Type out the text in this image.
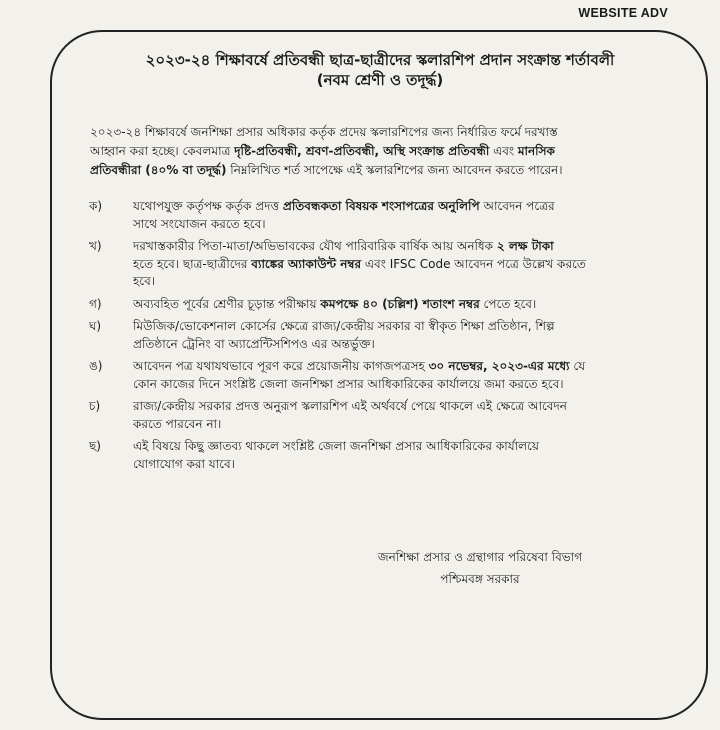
WEBSITE ADV
২০২৩-২৪ শিক্ষাবর্ষে প্রতিবন্ধী ছাত্র-ছাত্রীদের স্কলারশিপ প্রদান সংক্রান্ত শর্তাবলী
(নবম শ্রেণী ও তদূর্দ্ধ)
২০২৩-২৪ শিক্ষাবর্ষে জনশিক্ষা প্রসার অধিকার কর্তৃক প্রদেয় স্কলারশিপের জন্য নির্ধারিত ফর্মে দরখাস্ত
আহ্বান করা হচ্ছে। কেবলমাত্র দৃষ্টি-প্রতিবন্ধী, শ্রবণ-প্রতিবন্ধী, অস্থি সংক্রান্ত প্রতিবন্ধী এবং মানসিক
প্রতিবন্ধীরা (৪০% বা তদূর্দ্ধ) নিম্নলিখিত শর্ত সাপেক্ষে এই স্কলারশিপের জন্য আবেদন করতে পারেন।
ক)	যথোপযুক্ত কর্তৃপক্ষ কর্তৃক প্রদত্ত প্রতিবন্ধকতা বিষয়ক শংসাপত্রের অনুলিপি আবেদন পত্রের
সাথে সংযোজন করতে হবে।
খ)	দরখাস্তকারীর পিতা-মাতা/অভিভাবকের যৌথ পারিবারিক বার্ষিক আয় অনধিক ২ লক্ষ টাকা
হতে হবে। ছাত্র-ছাত্রীদের ব্যাঙ্কের অ্যাকাউন্ট নম্বর এবং IFSC Code আবেদন পত্রে উল্লেখ করতে
হবে।
গ)	অব্যবহিত পূর্বের শ্রেণীর চূড়ান্ত পরীক্ষায় কমপক্ষে ৪০ (চল্লিশ) শতাংশ নম্বর পেতে হবে।
ঘ)	মিউজিক/ভোকেশনাল কোর্সের ক্ষেত্রে রাজ্য/কেন্দ্রীয় সরকার বা স্বীকৃত শিক্ষা প্রতিষ্ঠান, শিল্প
প্রতিষ্ঠানে ট্রেনিং বা অ্যাপ্রেন্টিসশিপও এর অন্তর্ভুক্ত।
ঙ)	আবেদন পত্র যথাযথভাবে পূরণ করে প্রয়োজনীয় কাগজপত্রসহ ৩০ নভেম্বর, ২০২৩-এর মধ্যে যে
কোন কাজের দিনে সংশ্লিষ্ট জেলা জনশিক্ষা প্রসার আধিকারিকের কার্যালয়ে জমা করতে হবে।
চ)	রাজ্য/কেন্দ্রীয় সরকার প্রদত্ত অনুরূপ স্কলারশিপ এই অর্থবর্ষে পেয়ে থাকলে এই ক্ষেত্রে আবেদন
করতে পারবেন না।
ছ)	এই বিষয়ে কিছু জ্ঞাতব্য থাকলে সংশ্লিষ্ট জেলা জনশিক্ষা প্রসার আধিকারিকের কার্যালয়ে
যোগাযোগ করা যাবে।
জনশিক্ষা প্রসার ও গ্রন্থাগার পরিষেবা বিভাগ
পশ্চিমবঙ্গ সরকার
